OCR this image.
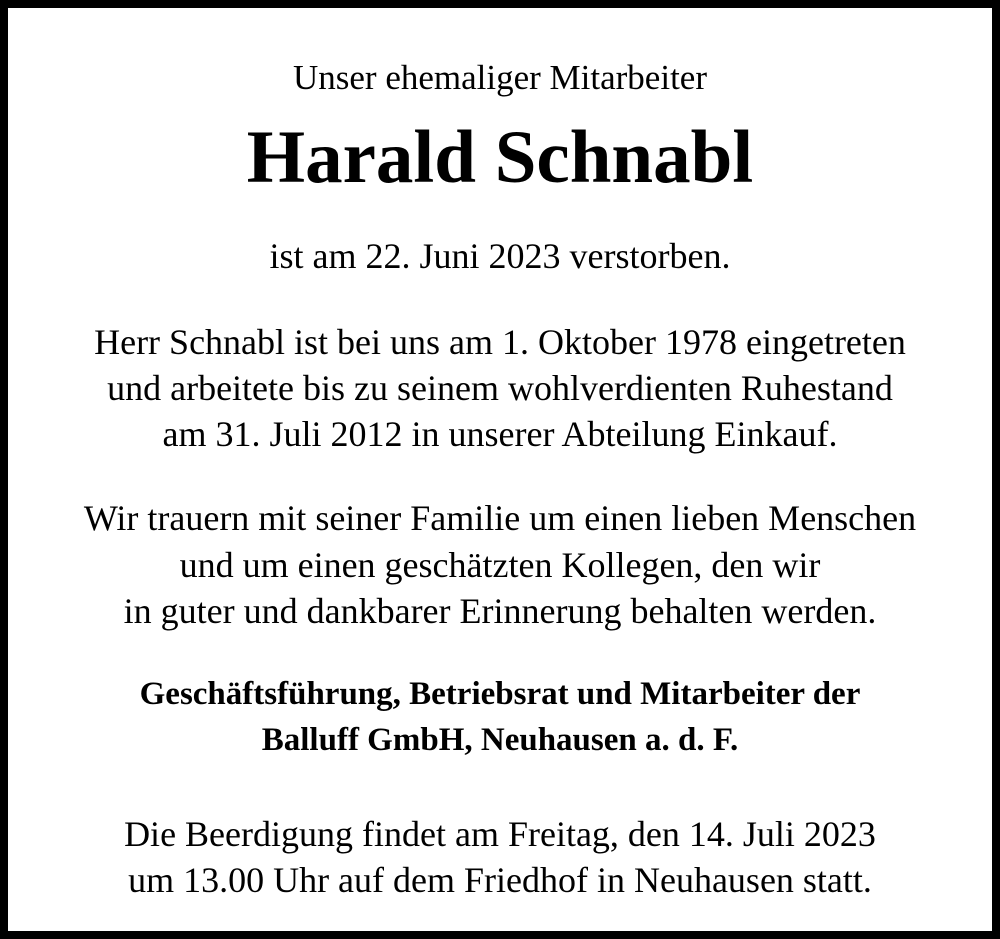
Unser ehemaliger Mitarbeiter
Harald Schnabl
ist am 22. Juni 2023 verstorben.
Herr Schnabl ist bei uns am 1. Oktober 1978 eingetreten
und arbeitete bis zu seinem wohlverdienten Ruhestand
am 31. Juli 2012 in unserer Abteilung Einkauf.
Wir trauern mit seiner Familie um einen lieben Menschen
und um einen geschätzten Kollegen, den wir
in guter und dankbarer Erinnerung behalten werden.
Geschäftsführung, Betriebsrat und Mitarbeiter der
Balluff GmbH, Neuhausen a. d. F.
Die Beerdigung findet am Freitag, den 14. Juli 2023
um 13.00 Uhr auf dem Friedhof in Neuhausen statt.
